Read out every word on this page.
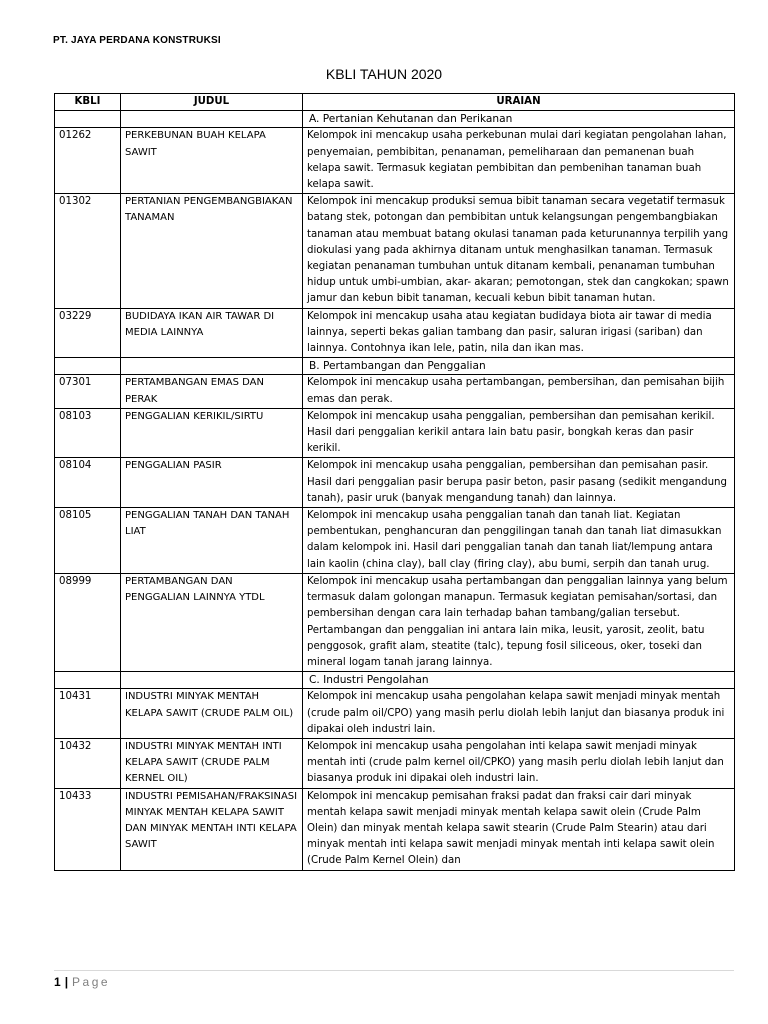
PT. JAYA PERDANA KONSTRUKSI
KBLI TAHUN 2020
KBLI	JUDUL	URAIAN
		A. Pertanian Kehutanan dan Perikanan
01262	PERKEBUNAN BUAH KELAPA SAWIT	Kelompok ini mencakup usaha perkebunan mulai dari kegiatan pengolahan lahan, penyemaian, pembibitan, penanaman, pemeliharaan dan pemanenan buah kelapa sawit. Termasuk kegiatan pembibitan dan pembenihan tanaman buah kelapa sawit.
01302	PERTANIAN PENGEMBANGBIAKAN TANAMAN	Kelompok ini mencakup produksi semua bibit tanaman secara vegetatif termasuk batang stek, potongan dan pembibitan untuk kelangsungan pengembangbiakan tanaman atau membuat batang okulasi tanaman pada keturunannya terpilih yang diokulasi yang pada akhirnya ditanam untuk menghasilkan tanaman. Termasuk kegiatan penanaman tumbuhan untuk ditanam kembali, penanaman tumbuhan hidup untuk umbi-umbian, akar- akaran; pemotongan, stek dan cangkokan; spawn jamur dan kebun bibit tanaman, kecuali kebun bibit tanaman hutan.
03229	BUDIDAYA IKAN AIR TAWAR DI MEDIA LAINNYA	Kelompok ini mencakup usaha atau kegiatan budidaya biota air tawar di media lainnya, seperti bekas galian tambang dan pasir, saluran irigasi (sariban) dan lainnya. Contohnya ikan lele, patin, nila dan ikan mas.
		B. Pertambangan dan Penggalian
07301	PERTAMBANGAN EMAS DAN PERAK	Kelompok ini mencakup usaha pertambangan, pembersihan, dan pemisahan bijih emas dan perak.
08103	PENGGALIAN KERIKIL/SIRTU	Kelompok ini mencakup usaha penggalian, pembersihan dan pemisahan kerikil. Hasil dari penggalian kerikil antara lain batu pasir, bongkah keras dan pasir kerikil.
08104	PENGGALIAN PASIR	Kelompok ini mencakup usaha penggalian, pembersihan dan pemisahan pasir. Hasil dari penggalian pasir berupa pasir beton, pasir pasang (sedikit mengandung tanah), pasir uruk (banyak mengandung tanah) dan lainnya.
08105	PENGGALIAN TANAH DAN TANAH LIAT	Kelompok ini mencakup usaha penggalian tanah dan tanah liat. Kegiatan pembentukan, penghancuran dan penggilingan tanah dan tanah liat dimasukkan dalam kelompok ini. Hasil dari penggalian tanah dan tanah liat/lempung antara lain kaolin (china clay), ball clay (firing clay), abu bumi, serpih dan tanah urug.
08999	PERTAMBANGAN DAN PENGGALIAN LAINNYA YTDL	Kelompok ini mencakup usaha pertambangan dan penggalian lainnya yang belum termasuk dalam golongan manapun. Termasuk kegiatan pemisahan/sortasi, dan pembersihan dengan cara lain terhadap bahan tambang/galian tersebut. Pertambangan dan penggalian ini antara lain mika, leusit, yarosit, zeolit, batu penggosok, grafit alam, steatite (talc), tepung fosil siliceous, oker, toseki dan mineral logam tanah jarang lainnya.
		C. Industri Pengolahan
10431	INDUSTRI MINYAK MENTAH KELAPA SAWIT (CRUDE PALM OIL)	Kelompok ini mencakup usaha pengolahan kelapa sawit menjadi minyak mentah (crude palm oil/CPO) yang masih perlu diolah lebih lanjut dan biasanya produk ini dipakai oleh industri lain.
10432	INDUSTRI MINYAK MENTAH INTI KELAPA SAWIT (CRUDE PALM KERNEL OIL)	Kelompok ini mencakup usaha pengolahan inti kelapa sawit menjadi minyak mentah inti (crude palm kernel oil/CPKO) yang masih perlu diolah lebih lanjut dan biasanya produk ini dipakai oleh industri lain.
10433	INDUSTRI PEMISAHAN/FRAKSINASI MINYAK MENTAH KELAPA SAWIT DAN MINYAK MENTAH INTI KELAPA SAWIT	Kelompok ini mencakup pemisahan fraksi padat dan fraksi cair dari minyak mentah kelapa sawit menjadi minyak mentah kelapa sawit olein (Crude Palm Olein) dan minyak mentah kelapa sawit stearin (Crude Palm Stearin) atau dari minyak mentah inti kelapa sawit menjadi minyak mentah inti kelapa sawit olein (Crude Palm Kernel Olein) dan
1 | Page
